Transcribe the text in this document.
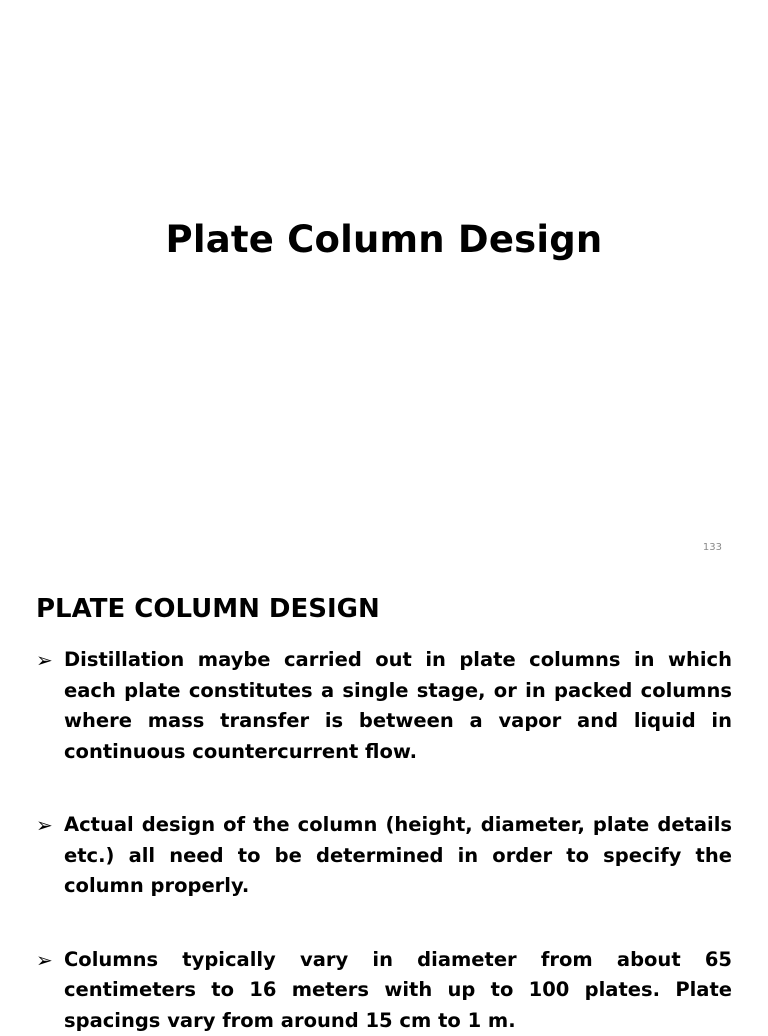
Plate Column Design
133
PLATE COLUMN DESIGN
➢ Distillation maybe carried out in plate columns in which each plate constitutes a single stage, or in packed columns where mass transfer is between a vapor and liquid in continuous countercurrent flow.
➢ Actual design of the column (height, diameter, plate details etc.) all need to be determined in order to specify the column properly.
➢ Columns typically vary in diameter from about 65 centimeters to 16 meters with up to 100 plates. Plate spacings vary from around 15 cm to 1 m.
